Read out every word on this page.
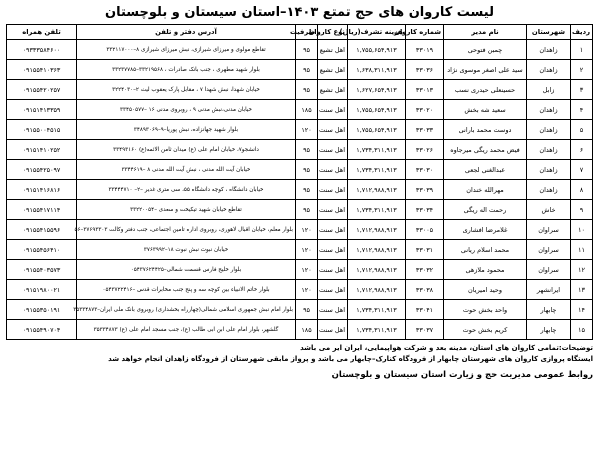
لیست کاروان های حج تمتع ۱۴۰۳–استان سیستان و بلوچستان
ردیف	شهرستان	نام مدیر	شماره کاروان	هزینه تشرف(ریال)	نوع کاروان	ظرفیت	آدرس دفتر و تلفن	تلفن همراه
۱	زاهدان	چمبن فتوحی	۳۳۰۱۹	۱,۷۵۵,۶۵۴,۹۱۳	اهل تشیع	۹۵	تقاطع مولوی و میرزای شیرازی، نبش میرزای شیرازی ۸–۳۳۲۱۱۷۰۰۰	۰۹۳۳۳۵۸۴۶۰۰
۲	زاهدان	سید علی اصغر موسوی نژاد	۳۳۰۳۶	۱,۶۳۸,۳۱۱,۹۱۳	اهل تشیع	۹۵	بلوار شهید مطهری ، جنب بانک صادرات ، ۳۳۲۱۹۵۶۸–۳۳۲۳۷۷۸۵	۰۹۱۵۵۴۱۰۳۶۳
۳	زابل	حسینعلی حیدری نسب	۳۳۰۱۳	۱,۶۲۷,۶۵۴,۹۱۳	اهل تشیع	۹۵	خیابان شهدا، نبش شهدا ۷ ، مقابل پارک یعقوب لیث ۲–۳۲۲۴۰۳۰	۰۹۱۵۵۴۲۰۲۵۷
۴	زاهدان	سعید شه بخش	۳۳۰۲۰	۱,۷۵۵,۶۵۴,۹۱۳	اهل سنت	۱۸۵	خیابان مدنی،نبش مدنی ۹ ، روبروی مدنی ۱۶ –۳۳۴۵۰۵۷۷	۰۹۱۵۱۴۱۳۳۵۹
۵	زاهدان	دوست محمد بارانی	۳۳۰۳۳	۱,۷۵۵,۶۵۴,۹۱۳	اهل سنت	۱۲۰	بلوار شهید جهانزاده، نبش پوریا–۹–۳۴۸۹۳۰۶۹	۰۹۱۵۵۰۰۴۵۱۵
۶	زاهدان	فیض محمد ریگی میرجاوه	۳۳۰۲۶	۱,۷۳۴,۳۱۱,۹۱۳	اهل سنت	۹۵	دانشجو۷، خیابان امام علی (ع) میدان ثامن الائمه(ع) ۳۳۴۹۳۱۶۰	۰۹۱۵۱۴۱۰۲۵۲
۷	زاهدان	عبدالغنی لجعی	۳۳۰۳۰	۱,۷۳۴,۳۱۱,۹۱۳	اهل سنت	۹۵	خیابان آیت الله مدنی ، نبش آیت الله مدنی ۸ –۳۳۴۴۶۱۹	۰۹۱۵۵۴۲۵۰۹۷
۸	زاهدان	مهرالله خندان	۳۳۰۳۹	۱,۷۱۲,۹۸۸,۹۱۳	اهل سنت	۹۵	خیابان دانشگاه ، کوچه دانشگاه ۵۵، سی متری غدیر –۲– ۳۳۴۴۴۷۱۰	۰۹۱۵۱۴۱۶۸۱۶
۹	خاش	رحمت اله ریگی	۳۳۰۳۴	۱,۷۳۴,۳۱۱,۹۱۳	اهل سنت	۹۵	تقاطع خیابان شهید تیکیخت و سعدی –۳۳۲۲۰۰۵۴	۰۹۱۵۵۴۱۷۱۱۴
۱۰	سراوان	غلامرضا افشاری	۳۳۰۰۵	۱,۷۱۲,۹۸۸,۹۱۳	اهل سنت	۱۲۰	بلوار معلم، خیابان اقبال لاهوری، روبروی اداره تامین اجتماعی، جنب دفتر وکالت ۳۷۶۹۳۳۰۳–۵۶	۰۹۱۵۵۴۱۵۵۹۶
۱۱	سراوان	محمد اسلام ریانی	۳۳۰۳۱	۱,۷۱۲,۹۸۸,۹۱۳	اهل سنت	۱۲۰	خیابان نبوت نبش نبوت ۱۸–۳۷۶۳۹۹۲	۰۹۱۵۵۴۵۶۴۱۰
۱۲	سراوان	محمود ملازهی	۳۳۰۳۲	۱,۷۱۲,۹۸۸,۹۱۳	اهل سنت	۱۲۰	بلوار خلیج فارس قسمت شمالی–۰۵۴۳۷۶۲۴۴۲۵	۰۹۱۵۵۴۰۳۵۷۳
۱۳	ایرانشهر	وحید امیریان	۳۳۰۳۸	۱,۷۱۲,۹۸۸,۹۱۳	اهل سنت	۱۲۰	بلوار خاتم الانبیاء بین کوچه سه و پنج جنب مخابرات قدس –۰۵۴۳۷۲۲۴۱۶	۰۹۱۵۱۹۸۰۰۲۱
۱۴	چابهار	واحد بخش حوت	۳۳۰۴۱	۱,۷۳۴,۳۱۱,۹۱۳	اهل سنت	۹۵	بلوار امام نبش جمهوری اسلامی شمالی(چهارراه بخشداری) روبروی بانک ملی ایران–۳۵۳۳۴۸۷۳	۰۹۱۵۵۳۵۰۱۹۱
۱۵	چابهار	کریم بخش حوت	۳۳۰۳۷	۱,۷۳۴,۳۱۱,۹۱۳	اهل سنت	۱۸۵	گلشهر، بلوار امام علی ابن ابی طالب (ع)، جنب مسجد امام علی (ع) ۳۵۳۳۴۸۷۳	۰۹۱۵۵۴۹۰۷۰۴
توضیحات:تمامی کاروان های استان، مدینه بعد و شرکت هواپیمایی، ایران ایر می باشد
ایستگاه پروازی کاروان های شهرستان چابهار از فرودگاه کنارک–چابهار می باشد و پرواز مابقی شهرستان از فرودگاه زاهدان انجام خواهد شد
روابط عمومی مدیریت حج و زیارت استان سیستان و بلوچستان
